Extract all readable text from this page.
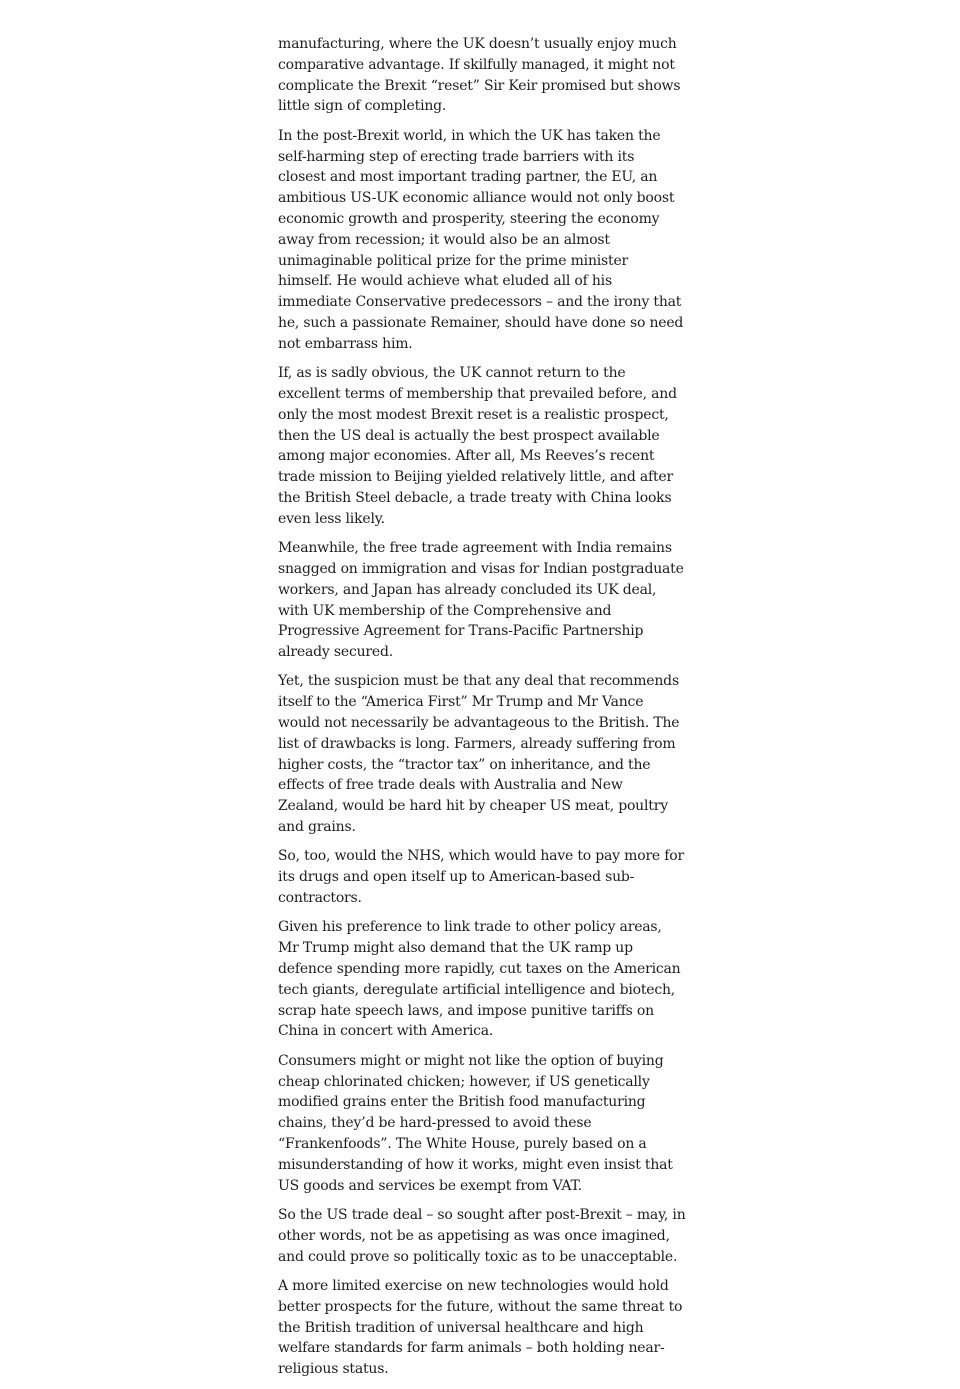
manufacturing, where the UK doesn’t usually enjoy much comparative advantage. If skilfully managed, it might not complicate the Brexit “reset” Sir Keir promised but shows little sign of completing.

In the post-Brexit world, in which the UK has taken the self-harming step of erecting trade barriers with its closest and most important trading partner, the EU, an ambitious US-UK economic alliance would not only boost economic growth and prosperity, steering the economy away from recession; it would also be an almost unimaginable political prize for the prime minister himself. He would achieve what eluded all of his immediate Conservative predecessors – and the irony that he, such a passionate Remainer, should have done so need not embarrass him.

If, as is sadly obvious, the UK cannot return to the excellent terms of membership that prevailed before, and only the most modest Brexit reset is a realistic prospect, then the US deal is actually the best prospect available among major economies. After all, Ms Reeves’s recent trade mission to Beijing yielded relatively little, and after the British Steel debacle, a trade treaty with China looks even less likely.

Meanwhile, the free trade agreement with India remains snagged on immigration and visas for Indian postgraduate workers, and Japan has already concluded its UK deal, with UK membership of the Comprehensive and Progressive Agreement for Trans-Pacific Partnership already secured.

Yet, the suspicion must be that any deal that recommends itself to the “America First” Mr Trump and Mr Vance would not necessarily be advantageous to the British. The list of drawbacks is long. Farmers, already suffering from higher costs, the “tractor tax” on inheritance, and the effects of free trade deals with Australia and New Zealand, would be hard hit by cheaper US meat, poultry and grains.

So, too, would the NHS, which would have to pay more for its drugs and open itself up to American-based sub-contractors.

Given his preference to link trade to other policy areas, Mr Trump might also demand that the UK ramp up defence spending more rapidly, cut taxes on the American tech giants, deregulate artificial intelligence and biotech, scrap hate speech laws, and impose punitive tariffs on China in concert with America.

Consumers might or might not like the option of buying cheap chlorinated chicken; however, if US genetically modified grains enter the British food manufacturing chains, they’d be hard-pressed to avoid these “Frankenfoods”. The White House, purely based on a misunderstanding of how it works, might even insist that US goods and services be exempt from VAT.

So the US trade deal – so sought after post-Brexit – may, in other words, not be as appetising as was once imagined, and could prove so politically toxic as to be unacceptable.

A more limited exercise on new technologies would hold better prospects for the future, without the same threat to the British tradition of universal healthcare and high welfare standards for farm animals – both holding near-religious status.
